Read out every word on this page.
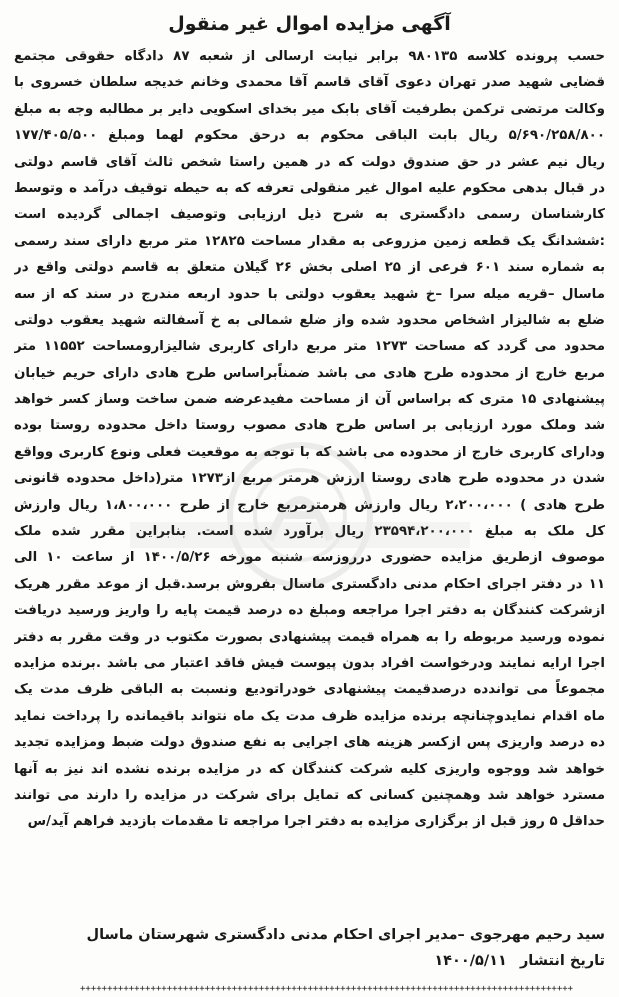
آگهی مزایده اموال غیر منقول
حسب پرونده کلاسه ۹۸۰۱۳۵ برابر نیابت ارسالی از شعبه ۸۷ دادگاه حقوقی مجتمع
قضایی شهید صدر تهران دعوی آقای قاسم آقا محمدی وخانم خدیجه سلطان خسروی با
وکالت مرتضی ترکمن بطرفیت آقای بابک میر بخدای اسکویی دایر بر مطالبه وجه به مبلغ
۵/۶۹۰/۲۵۸/۸۰۰ ریال بابت الباقی محکوم به درحق محکوم لهما ومبلغ ۱۷۷/۴۰۵/۵۰۰
ریال نیم عشر در حق صندوق دولت که در همین راستا شخص ثالث آقای قاسم دولتی
در قبال بدهی محکوم علیه اموال غیر منقولی تعرفه که به حیطه توقیف درآمد ه وتوسط
کارشناسان رسمی دادگستری به شرح ذیل ارزیابی وتوصیف اجمالی گردیده است
:ششدانگ یک قطعه زمین مزروعی به مقدار مساحت ۱۲۸۲۵ متر مربع دارای سند رسمی
به شماره سند ۶۰۱ فرعی از ۲۵ اصلی بخش ۲۶ گیلان متعلق به قاسم دولتی واقع در
ماسال –قریه میله سرا –خ شهید یعقوب دولتی با حدود اربعه مندرج در سند که از سه
ضلع به شالیزار اشخاص محدود شده واز ضلع شمالی به خ آسفالته شهید یعقوب دولتی
محدود می گردد که مساحت ۱۲۷۳ متر مربع دارای کاربری شالیزارومساحت ۱۱۵۵۲ متر
مربع خارج از محدوده طرح هادی می باشد ضمناًبراساس طرح هادی دارای حریم خیابان
پیشنهادی ۱۵ متری که براساس آن از مساحت مفیدعرضه ضمن ساخت وساز کسر خواهد
شد وملک مورد ارزیابی بر اساس طرح هادی مصوب روستا داخل محدوده روستا بوده
ودارای کاربری خارج از محدوده می باشد که با توجه به موقعیت فعلی ونوع کاربری وواقع
شدن در محدوده طرح هادی روستا ارزش هرمتر مربع از۱۲۷۳ متر(داخل محدوده قانونی
طرح هادی ) ۲،۲۰۰،۰۰۰ ریال وارزش هرمترمربع خارج از طرح ۱،۸۰۰،۰۰۰ ریال وارزش
کل ملک به مبلغ ۲۳۵۹۴،۲۰۰،۰۰۰ ریال برآورد شده است. بنابراین مقرر شده ملک
موصوف ازطریق مزایده حضوری درروزسه شنبه مورخه ۱۴۰۰/۵/۲۶ از ساعت ۱۰ الی
۱۱ در دفتر اجرای احکام مدنی دادگستری ماسال بفروش برسد.قبل از موعد مقرر هریک
ازشرکت کنندگان به دفتر اجرا مراجعه ومبلغ ده درصد قیمت پایه را واریز ورسید دریافت
نموده ورسید مربوطه را به همراه قیمت پیشنهادی بصورت مکتوب در وقت مقرر به دفتر
اجرا ارایه نمایند ودرخواست افراد بدون پیوست فیش فاقد اعتبار می باشد .برنده مزایده
مجموعاً می تواندده درصدقیمت پیشنهادی خودراتودیع ونسبت به الباقی ظرف مدت یک
ماه اقدام نمایدوچنانچه برنده مزایده ظرف مدت یک ماه نتواند باقیمانده را پرداخت نماید
ده درصد واریزی پس ازکسر هزینه های اجرایی به نفع صندوق دولت ضبط ومزایده تجدید
خواهد شد ووجوه واریزی کلیه شرکت کنندگان که در مزایده برنده نشده اند نیز به آنها
مسترد خواهد شد وهمچنین کسانی که تمایل برای شرکت در مزایده را دارند می توانند
حداقل ۵ روز قبل از برگزاری مزایده به دفتر اجرا مراجعه تا مقدمات بازدید فراهم آید/س
سید رحیم مهرجوی –مدیر اجرای احکام مدنی دادگستری شهرستان ماسال
تاریخ انتشار ۱۴۰۰/۵/۱۱
+++++++++++++++++++++++++++++++++++++++++++++++++++++++++++++++++++++++++++++++++++++++++++
